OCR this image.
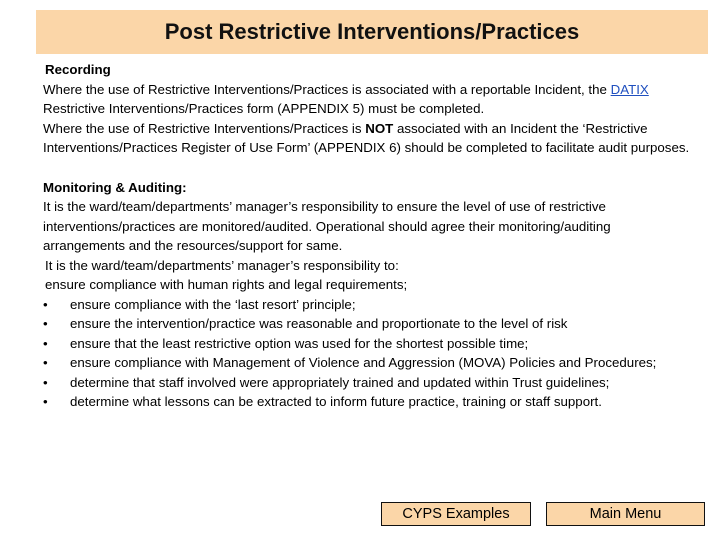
Post Restrictive Interventions/Practices

Recording

Where the use of Restrictive Interventions/Practices is associated with a reportable Incident, the DATIX Restrictive Interventions/Practices form (APPENDIX 5) must be completed.

Where the use of Restrictive Interventions/Practices is NOT associated with an Incident the ‘Restrictive Interventions/Practices Register of Use Form’ (APPENDIX 6) should be completed to facilitate audit purposes.

Monitoring & Auditing:

It is the ward/team/departments’ manager’s responsibility to ensure the level of use of restrictive interventions/practices are monitored/audited. Operational should agree their monitoring/auditing arrangements and the resources/support for same.

It is the ward/team/departments’ manager’s responsibility to:

ensure compliance with human rights and legal requirements;

• ensure compliance with the ‘last resort’ principle;
• ensure the intervention/practice was reasonable and proportionate to the level of risk
• ensure that the least restrictive option was used for the shortest possible time;
• ensure compliance with Management of Violence and Aggression (MOVA) Policies and Procedures;
• determine that staff involved were appropriately trained and updated within Trust guidelines;
• determine what lessons can be extracted to inform future practice, training or staff support.
CYPS Examples	Main Menu
